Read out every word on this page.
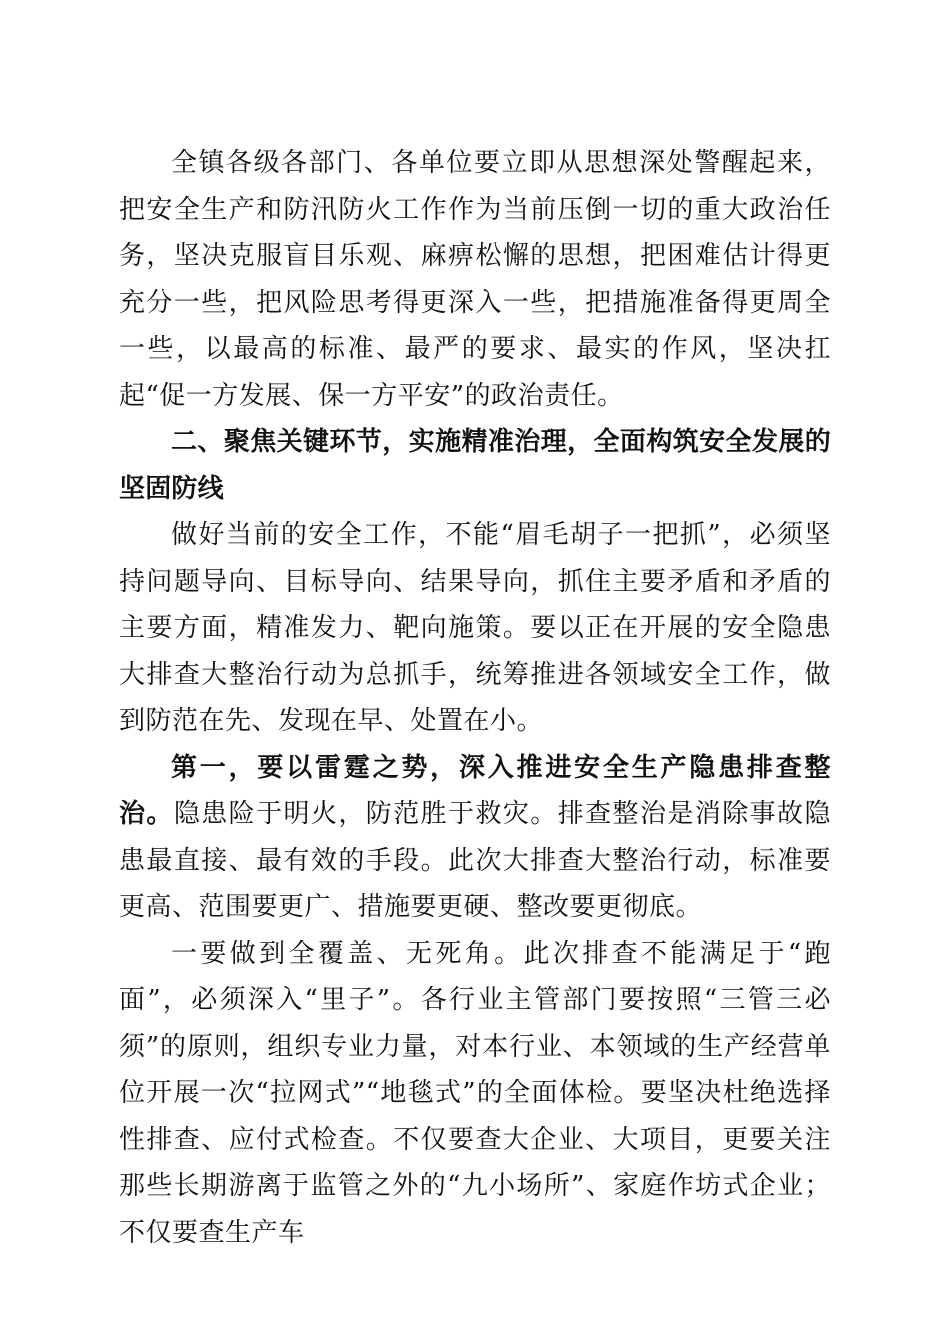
全镇各级各部门、各单位要立即从思想深处警醒起来，把安全生产和防汛防火工作作为当前压倒一切的重大政治任务，坚决克服盲目乐观、麻痹松懈的思想，把困难估计得更充分一些，把风险思考得更深入一些，把措施准备得更周全一些，以最高的标准、最严的要求、最实的作风，坚决扛起“促一方发展、保一方平安”的政治责任。

二、聚焦关键环节，实施精准治理，全面构筑安全发展的坚固防线

做好当前的安全工作，不能“眉毛胡子一把抓”，必须坚持问题导向、目标导向、结果导向，抓住主要矛盾和矛盾的主要方面，精准发力、靶向施策。要以正在开展的安全隐患大排查大整治行动为总抓手，统筹推进各领域安全工作，做到防范在先、发现在早、处置在小。

第一，要以雷霆之势，深入推进安全生产隐患排查整治。隐患险于明火，防范胜于救灾。排查整治是消除事故隐患最直接、最有效的手段。此次大排查大整治行动，标准要更高、范围要更广、措施要更硬、整改要更彻底。

一要做到全覆盖、无死角。此次排查不能满足于“跑面”，必须深入“里子”。各行业主管部门要按照“三管三必须”的原则，组织专业力量，对本行业、本领域的生产经营单位开展一次“拉网式”“地毯式”的全面体检。要坚决杜绝选择性排查、应付式检查。不仅要查大企业、大项目，更要关注那些长期游离于监管之外的“九小场所”、家庭作坊式企业；不仅要查生产车
